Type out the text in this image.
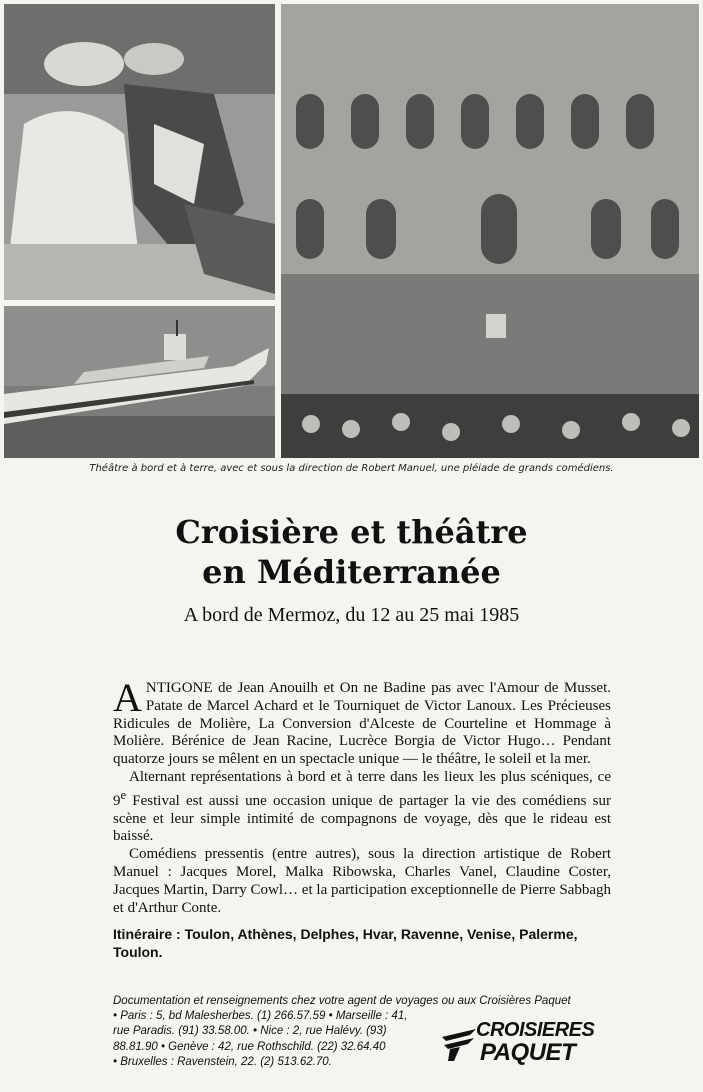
Théâtre à bord et à terre, avec et sous la direction de Robert Manuel, une pléiade de grands comédiens.
Croisière et théâtre
en Méditerranée
A bord de Mermoz, du 12 au 25 mai 1985

ANTIGONE de Jean Anouilh et On ne Badine pas avec l'Amour de Musset. Patate de Marcel Achard et le Tourniquet de Victor Lanoux. Les Précieuses Ridicules de Molière, La Conversion d'Alceste de Courteline et Hommage à Molière. Bérénice de Jean Racine, Lucrèce Borgia de Victor Hugo… Pendant quatorze jours se mêlent en un spectacle unique — le théâtre, le soleil et la mer.

Alternant représentations à bord et à terre dans les lieux les plus scéniques, ce 9e Festival est aussi une occasion unique de partager la vie des comédiens sur scène et leur simple intimité de compagnons de voyage, dès que le rideau est baissé.

Comédiens pressentis (entre autres), sous la direction artistique de Robert Manuel : Jacques Morel, Malka Ribowska, Charles Vanel, Claudine Coster, Jacques Martin, Darry Cowl… et la participation exceptionnelle de Pierre Sabbagh et d'Arthur Conte.

Itinéraire : Toulon, Athènes, Delphes, Hvar, Ravenne, Venise, Palerme, Toulon.

Documentation et renseignements chez votre agent de voyages ou aux Croisières Paquet

• Paris : 5, bd Malesherbes. (1) 266.57.59 • Marseille : 41,
rue Paradis. (91) 33.58.00. • Nice : 2, rue Halévy. (93)
88.81.90 • Genève : 42, rue Rothschild. (22) 32.64.40
• Bruxelles : Ravenstein, 22. (2) 513.62.70.
CROISIERES
PAQUET
